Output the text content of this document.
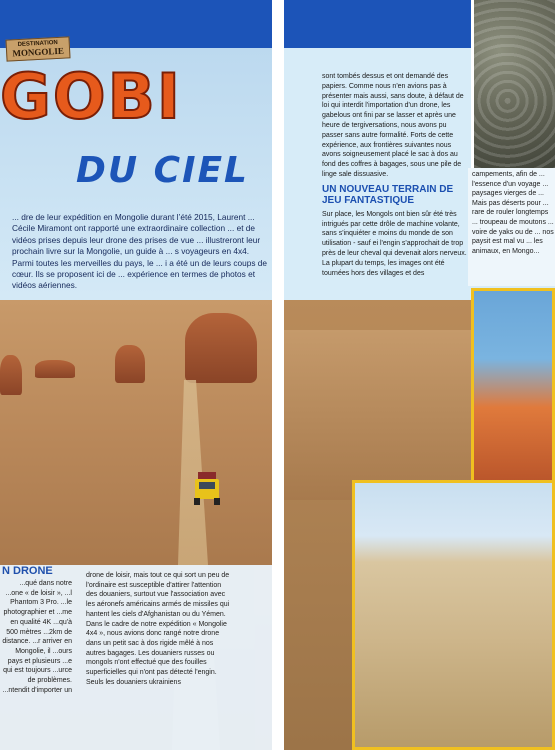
DESTINATION
MONGOLIE
GOBI
DU CIEL
... dre de leur expédition en Mongolie durant l’été 2015, Laurent ... Cécile Miramont ont rapporté une extraordinaire collection ... et de vidéos prises depuis leur drone des prises de vue ... illustreront leur prochain livre sur la Mongolie, un guide à ... s voyageurs en 4x4. Parmi toutes les merveilles du pays, le ... i a été un de leurs coups de cœur. Ils se proposent ici de ... expérience en termes de photos et vidéos aériennes.
N DRONE
...qué dans notre ...one « de loisir », ...l Phantom 3 Pro. ...le photographier et ...me en qualité 4K ...qu'à 500 mètres ...2km de distance. ...r arriver en Mongolie, il ...ours pays et plusieurs ...e qui est toujours ...urce de problèmes. ...ntendit d'importer un
drone de loisir, mais tout ce qui sort un peu de l'ordinaire est susceptible d'attirer l'attention des douaniers, surtout vue l'association avec les aéronefs américains armés de missiles qui hantent les ciels d'Afghanistan ou du Yémen. Dans le cadre de notre expédition « Mongolie 4x4 », nous avions donc rangé notre drone dans un petit sac à dos rigide mêlé à nos autres bagages. Les douaniers russes ou mongols n'ont effectué que des fouilles superficielles qui n'ont pas détecté l'engin. Seuls les douaniers ukrainiens
sont tombés dessus et ont demandé des papiers. Comme nous n'en avions pas à présenter mais aussi, sans doute, à défaut de loi qui interdit l'importation d'un drone, les gabelous ont fini par se lasser et après une heure de tergiversations, nous avons pu passer sans autre formalité. Forts de cette expérience, aux frontières suivantes nous avons soigneusement placé le sac à dos au fond des coffres à bagages, sous une pile de linge sale dissuasive.
UN NOUVEAU TERRAIN DE JEU FANTASTIQUE
Sur place, les Mongols ont bien sûr été très intrigués par cette drôle de machine volante, sans s'inquiéter e moins du monde de son utilisation - sauf ei l'engin s'approchait de trop près de leur cheval qui devenait alors nerveux. La plupart du temps, les images ont été tournées hors des villages et des
campements, afin de ... l'essence d'un voyage ... paysages vierges de ... Mais pas déserts pour ... rare de rouler longtemps ... troupeau de moutons ... voire de yaks ou de ... nos paysit est mal vu ... les animaux, en Mongo...
